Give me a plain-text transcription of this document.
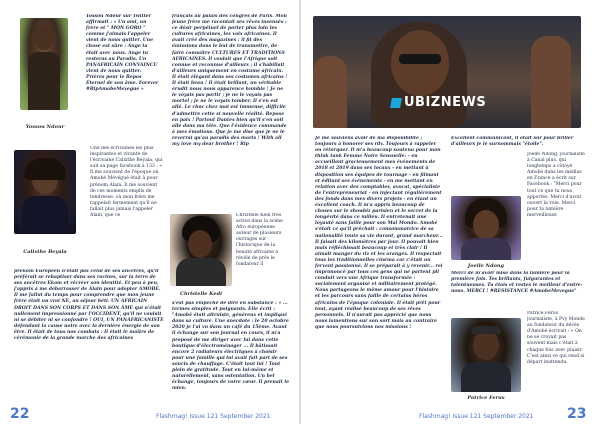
Yossou Ndour
Yossou Ndour sur Twitter affirmait : « Un ami, un frère et " MON GORO " comme j'aimais l'appeler vient de nous quitter. Une chose est sûre : Ange ta était avec nous. Ange tu resteras au Paradis. Un PANAFRICAIN CONVAINCU vient de nous quitter. Prières pour le Repos Éternel de son âme. Forever #RipAmobeMevegue »
Calixthe Beyala
Une des écrivaines les plus inspirantes et vivante de l'écrivaine Calixthe Beyala, qui suit sa page facebook à 133 : « Il me souvient de l'époque où Amobé Mévégué était à pour prénom Alain. Il me souvient de ces moments emplis de tendresse, où mon frère me rappelait fermement qu'il ne fallait plus jamais l'appeler Alain, que ce
prénom Européen n'était pas celui de ses ancêtres, qu'il préférait se rebaptiser dans ses racines, sur la terre de ses ancêtres Ekom et récréer son identité. Et peu à peu, j'appris à me débarrasser de Alain pour adopter AMOBE. Il me fallut du temps pour comprendre que mon jeune frère était un vrai NE, au séjour béti. UN AFRICAIN DROIT DANS SON CORPS ET DANS SON ÂME qui n'était nullement impressionné par l'OCCIDENT, qu'il ne voulait ni se débiter ni se confondre ! OUI, UN PANAFRICANISTE défendant la cause noire avec la dernière énergie de son être. Il était de tous nos combats : Il était le maître de cérémonie de la grande marche des africaines
français au palais des congrès de Paris. Mon jeune frère me racontait ses rêves insensés : ce désir perpétuel de porter plus loin les cultures africaines, les voix africaines. Il avait créé des magazines : il fit des émissions dans le but de transmettre, de faire connaître CULTURES ET TRADITIONS AFRICAINES. Il voulait que l'Afrique soit connue et reconnue d'ailleurs ; il s'habillait d'ailleurs uniquement en costume africain. Il était élégant dans ses costumes africains ! Il était beau ! Il était brillant, un véritable érudit nous nous apparence humble ! Je ne le voyais pas partir ; je ne le voyais pas mortel ; je ne le voyais tomber. Il s'en est allé. Le choc chez moi est immense, difficile d'admettre cette si nouvelle réalité. Repose en paix ! Partout Dantes bien qu'il s'en soit allé dans ma tête. Que l'évidence commande à mes émotions. Que je me dise que je ne le reverrai qu'au paradis des morts ! With all my love my dear brother ! Rip
Christelle Kedi
Christelle Kedi très active dans la scène Afro européenne auteur de plusieurs ouvrages sur l'historique de la beauté africaine a révélé de près le fondateur il
s'est pas empêché de dire en substance : « ... termes simples et poignants. Elle écrit : "Amobé était altruiste, généreux et impliqué dans sa culture. Une anecdote : le 20 octobre 2020 je l'ai vu dans un café du 15ème. Avant il échange sur son journal en cours, il m'a proposé de me diriger avec lui dans cette boutique d'électroménager ... Il bâtissait encore 2 radiateurs électriques à choisir pour une famille qui lui avait fait part de ses soucis de chauffage. C'était tout lui ! Tout plein de gratitude. Tout en lui-même et naturellement, sans ostentation. Un bel échange, toujours de votre cœur. Il prenait le mien.
22	Flashmag! Issue 121 September 2021
UBIZNEWS
Je me souviens avoir de ma disponibilité ; toujours à honorer ses rdv. Toujours à rappeler ou rétorquer. Il m'a beaucoup soutenu pour mon think tank Femme Noire Sensuelle: - en accueillant gracieusement mes événements de 2018 et 2019 dans ses locaux - en mettant à disposition ses équipes de tournage - en filmant et éditant ses événements - en me mettant en relation avec des comptables, avocat, spécialiste de l'entrepreneuriat - en injectant régulièrement des fonds dans mes divers projets - en étant un excellent coach. Il m'a appris beaucoup de choses sur le showbiz parisien et le secret de la longévité dans ce milieu. Il entretenait une loyauté sans faille pour son Mal Mondo. Amobé s'était ce qu'il prêchait : consommatrice de sa nationalité toute sa vie durant, grand marcheur... Il faisait des kilomètres par jour. Il pouvait bien mais réfléchissait beaucoup et très clair ! Il aimait manger du riz et les oranges. Il respectait tous les traditionnelles cinéma car c'était un fervent passionné. Il se préparait à y revenir... rei imprononcé par tous ces gens qui ne partent pil conduit vers une Afrique transformée : socialement organisé et militairement protégé. Nous partageons le même amour pour l'histoire et les parcours sans faille de certains héros africains de l'époque coloniale. Il était prêt pour tout, ayant réalisé beaucoup de ses rêves personnels. Il n'aurait pas apprécié que nous nous lamentions sur son sort mais au contraire que nous poursuivions nos missions !
Excellent communicant, il était sur pour briller d'ailleurs je le surnommais "étoile".
Joelle Ndong
Joëlle Ndong, journaliste à Canal plus, qui longtemps a côtoyé Amobé dans les médias en France a écrit sur Facebook : "Merci pour tout ce que tu nous apportés. Merci d'avoir ouvert la voie. Merci pour ta lumière merveilleuse
Merci de m'avoir mise dans la lumière pour la première fois. Tes brillants, fulgurantes et talentueuses. Tu étais et restes le meilleur d'entre-nous. MERCI ! #RESISTANCE #AmobeMevegue"
Patrice Ferus
Patrice Férus journaliste, à Pvy Monde au fondateur du décès d'Amobé écrivait : « On ne se croyait pas souvent mais c'était à chaque fois avec plaisir. C'est ainsi ce qui rend si départ inattendu.
Flashmag! Issue 121 September 2021 23
